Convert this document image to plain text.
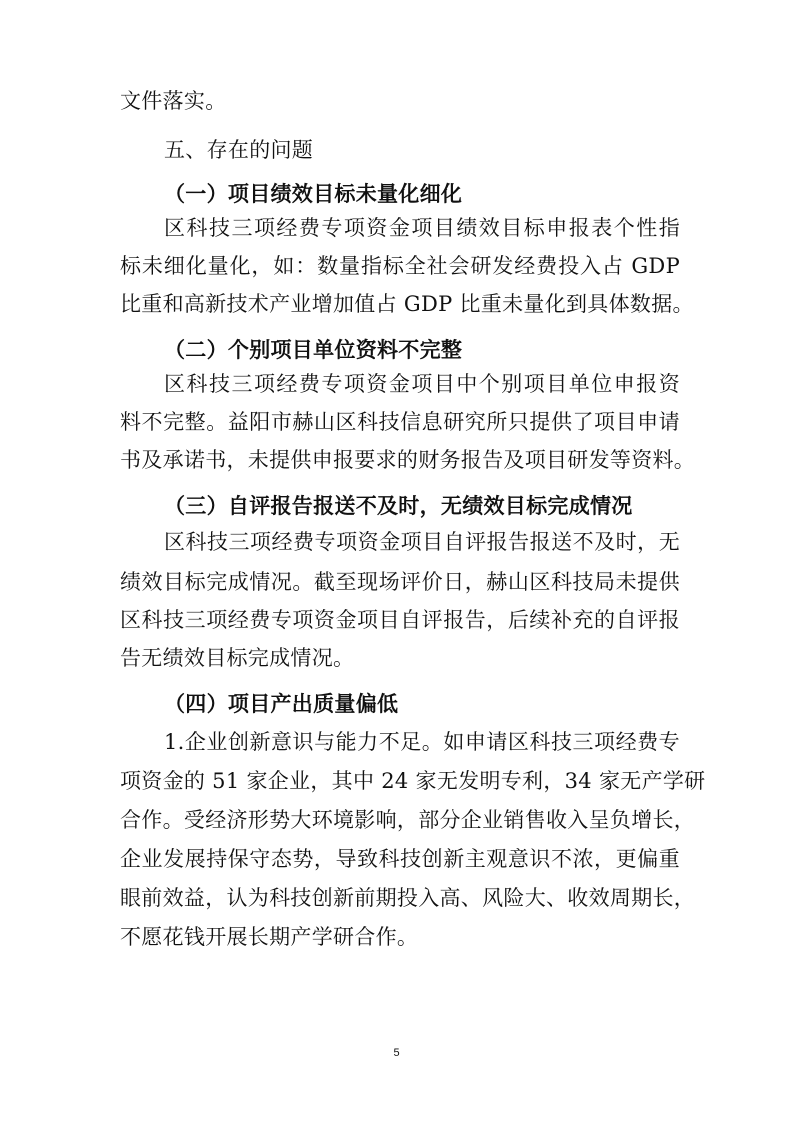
文件落实。
五、存在的问题
（一）项目绩效目标未量化细化
区科技三项经费专项资金项目绩效目标申报表个性指
标未细化量化，如：数量指标全社会研发经费投入占 GDP
比重和高新技术产业增加值占 GDP 比重未量化到具体数据。
（二）个别项目单位资料不完整
区科技三项经费专项资金项目中个别项目单位申报资
料不完整。益阳市赫山区科技信息研究所只提供了项目申请
书及承诺书，未提供申报要求的财务报告及项目研发等资料。
（三）自评报告报送不及时，无绩效目标完成情况
区科技三项经费专项资金项目自评报告报送不及时，无
绩效目标完成情况。截至现场评价日，赫山区科技局未提供
区科技三项经费专项资金项目自评报告，后续补充的自评报
告无绩效目标完成情况。
（四）项目产出质量偏低
1.企业创新意识与能力不足。如申请区科技三项经费专
项资金的 51 家企业，其中 24 家无发明专利，34 家无产学研
合作。受经济形势大环境影响，部分企业销售收入呈负增长，
企业发展持保守态势，导致科技创新主观意识不浓，更偏重
眼前效益，认为科技创新前期投入高、风险大、收效周期长，
不愿花钱开展长期产学研合作。
5
